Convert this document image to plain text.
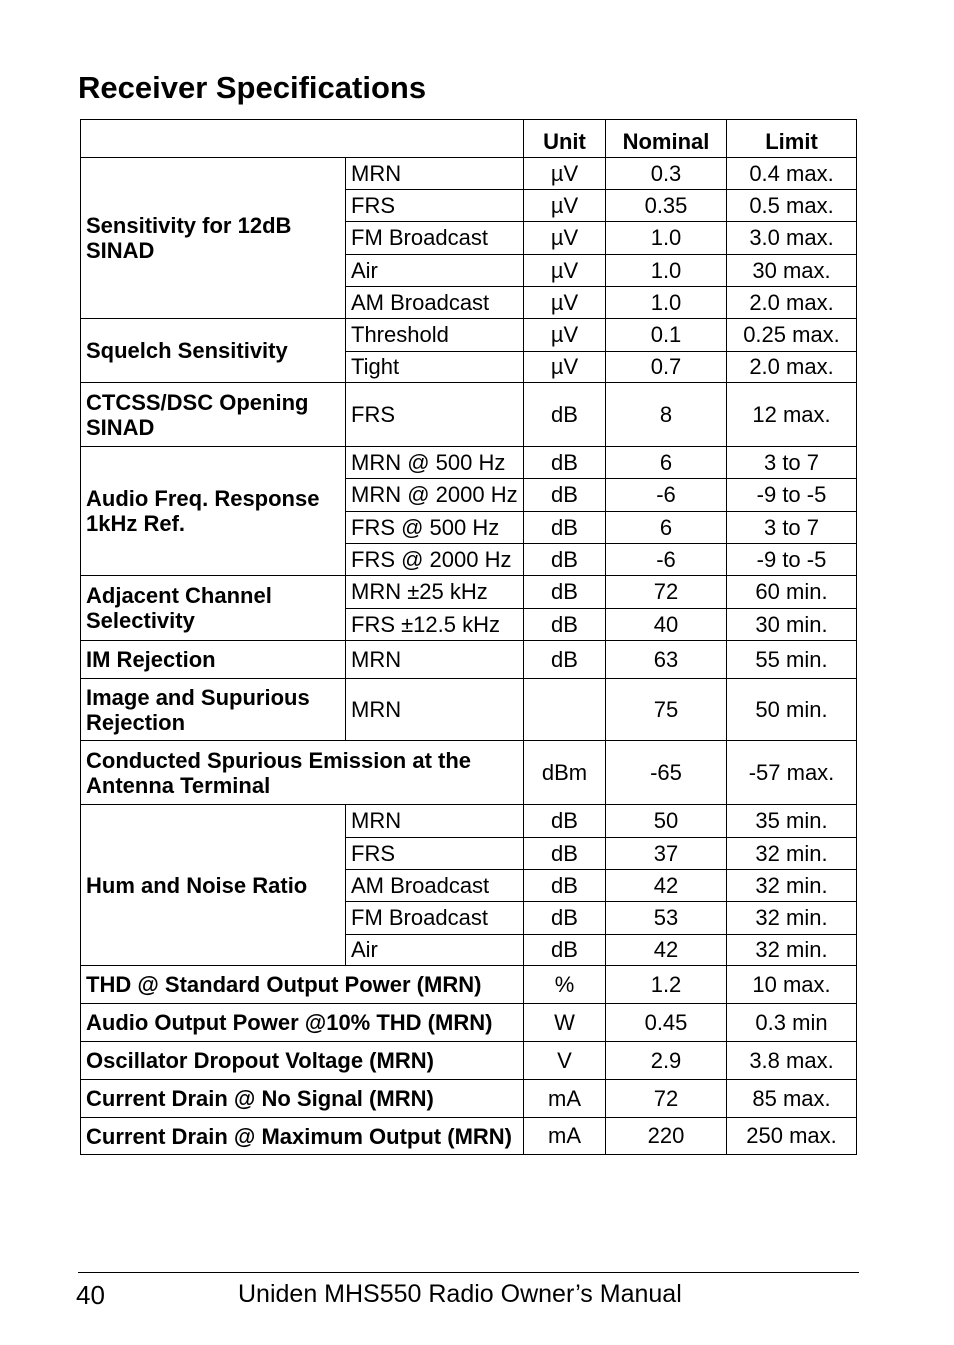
Receiver Specifications
		Unit	Nominal	Limit
Sensitivity for 12dB SINAD	MRN	µV	0.3	0.4 max.
	FRS	µV	0.35	0.5 max.
	FM Broadcast	µV	1.0	3.0 max.
	Air	µV	1.0	30 max.
	AM Broadcast	µV	1.0	2.0 max.
Squelch Sensitivity	Threshold	µV	0.1	0.25 max.
	Tight	µV	0.7	2.0 max.
CTCSS/DSC Opening SINAD	FRS	dB	8	12 max.
Audio Freq. Response 1kHz Ref.	MRN @ 500 Hz	dB	6	3 to 7
	MRN @ 2000 Hz	dB	-6	-9 to -5
	FRS @ 500 Hz	dB	6	3 to 7
	FRS @ 2000 Hz	dB	-6	-9 to -5
Adjacent Channel Selectivity	MRN ±25 kHz	dB	72	60 min.
	FRS ±12.5 kHz	dB	40	30 min.
IM Rejection	MRN	dB	63	55 min.
Image and Supurious Rejection	MRN		75	50 min.
Conducted Spurious Emission at the Antenna Terminal		dBm	-65	-57 max.
Hum and Noise Ratio	MRN	dB	50	35 min.
	FRS	dB	37	32 min.
	AM Broadcast	dB	42	32 min.
	FM Broadcast	dB	53	32 min.
	Air	dB	42	32 min.
THD @ Standard Output Power (MRN)		%	1.2	10 max.
Audio Output Power @10% THD (MRN)		W	0.45	0.3 min
Oscillator Dropout Voltage (MRN)		V	2.9	3.8 max.
Current Drain @ No Signal (MRN)		mA	72	85 max.
Current Drain @ Maximum Output (MRN)		mA	220	250 max.
40	Uniden MHS550 Radio Owner’s Manual
